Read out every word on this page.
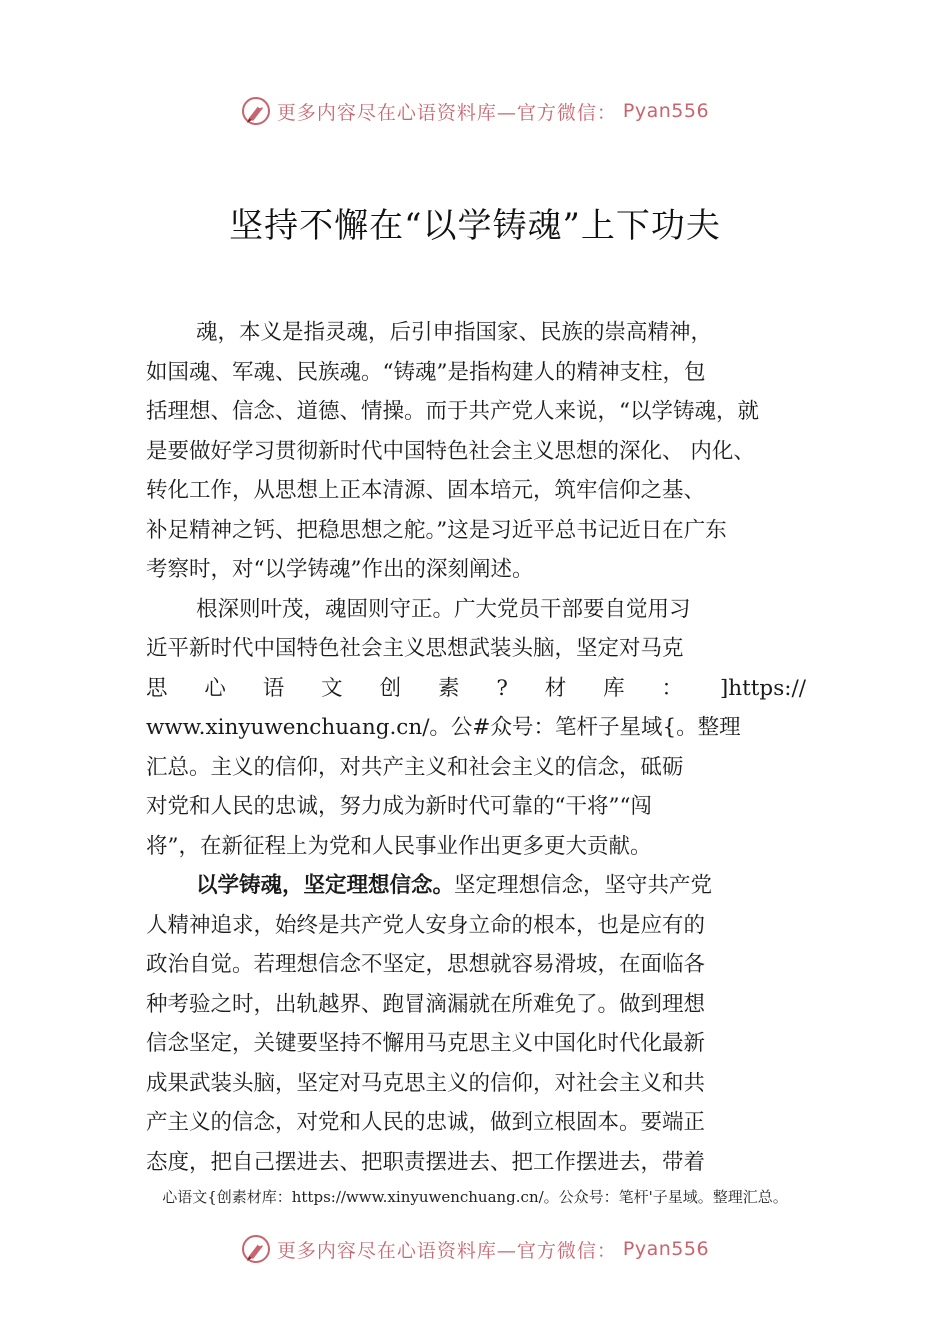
更多内容尽在心语资料库—官方微信： Pyan556
坚持不懈在“以学铸魂”上下功夫
魂，本义是指灵魂，后引申指国家、民族的崇高精神，
如国魂、军魂、民族魂。“铸魂”是指构建人的精神支柱，包
括理想、信念、道德、情操。而于共产党人来说，“以学铸魂，就
是要做好学习贯彻新时代中国特色社会主义思想的深化、 内化、
转化工作，从思想上正本清源、固本培元，筑牢信仰之基、
补足精神之钙、把稳思想之舵。”这是习近平总书记近日在广东
考察时，对“以学铸魂”作出的深刻阐述。
根深则叶茂，魂固则守正。广大党员干部要自觉用习
近平新时代中国特色社会主义思想武装头脑，坚定对马克
思 心 语 文 创 素 ? 材 库 ： ]https://
www.xinyuwenchuang.cn/。公#众号：笔杆子星域{。整理
汇总。主义的信仰，对共产主义和社会主义的信念，砥砺
对党和人民的忠诚，努力成为新时代可靠的“干将”“闯
将”，在新征程上为党和人民事业作出更多更大贡献。
以学铸魂，坚定理想信念。坚定理想信念，坚守共产党
人精神追求，始终是共产党人安身立命的根本，也是应有的
政治自觉。若理想信念不坚定，思想就容易滑坡，在面临各
种考验之时，出轨越界、跑冒滴漏就在所难免了。做到理想
信念坚定，关键要坚持不懈用马克思主义中国化时代化最新
成果武装头脑，坚定对马克思主义的信仰，对社会主义和共
产主义的信念，对党和人民的忠诚，做到立根固本。要端正
态度，把自己摆进去、把职责摆进去、把工作摆进去，带着
心语文{创素材库：https://www.xinyuwenchuang.cn/。公众号：笔杆'子星域。整理汇总。
更多内容尽在心语资料库—官方微信： Pyan556
